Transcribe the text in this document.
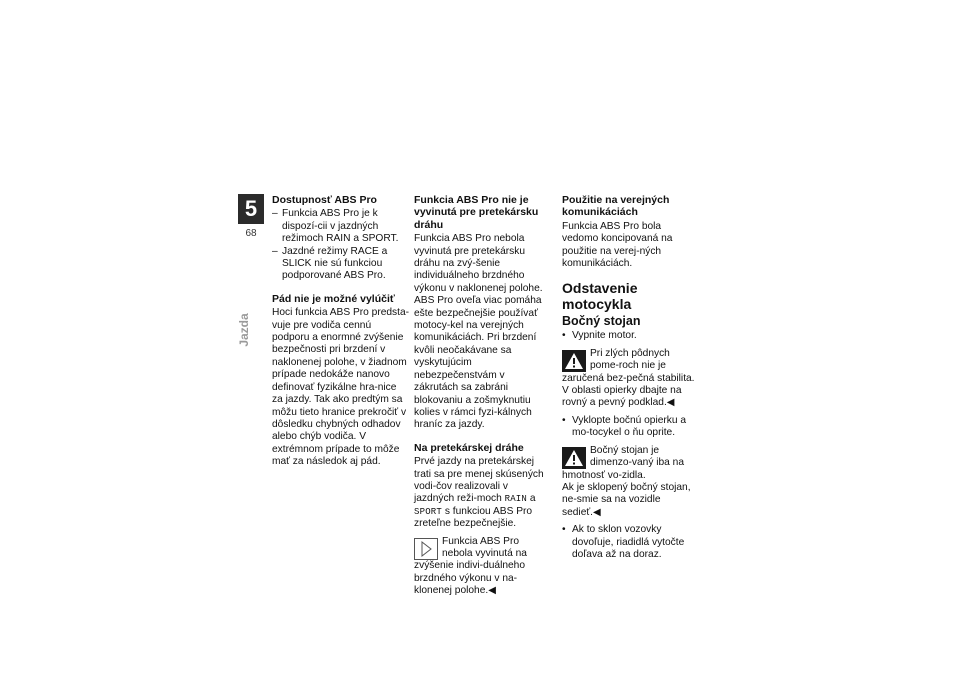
5
68
Jazda
Dostupnosť ABS Pro
– Funkcia ABS Pro je k dispozí-cii v jazdných režimoch RAIN a SPORT.
– Jazdné režimy RACE a SLICK nie sú funkciou podporované ABS Pro.
Pád nie je možné vylúčiť

Hoci funkcia ABS Pro predsta-vuje pre vodiča cennú podporu a enormné zvýšenie bezpečnosti pri brzdení v naklonenej polohe, v žiadnom prípade nedokáže nanovo definovať fyzikálne hra-nice za jazdy. Tak ako predtým sa môžu tieto hranice prekročiť v dôsledku chybných odhadov alebo chýb vodiča. V extrémnom prípade to môže mať za následok aj pád.

Funkcia ABS Pro nie je vyvinutá pre pretekársku dráhu

Funkcia ABS Pro nebola vyvinutá pre pretekársku dráhu na zvý-šenie individuálneho brzdného výkonu v naklonenej polohe. ABS Pro oveľa viac pomáha ešte bezpečnejšie používať motocy-kel na verejných komunikáciách. Pri brzdení kvôli neočakávane sa vyskytujúcim nebezpečenstvám v zákrutách sa zabráni blokovaniu a zošmyknutiu kolies v rámci fyzi-kálnych hraníc za jazdy.

Na pretekárskej dráhe

Prvé jazdy na pretekárskej trati sa pre menej skúsených vodi-čov realizovali v jazdných reži-moch RAIN a SPORT s funkciou ABS Pro zreteľne bezpečnejšie.

Funkcia ABS Pro nebola vyvinutá na zvýšenie indivi-duálneho brzdného výkonu v na-klonenej polohe.◀

Použitie na verejných komunikáciách

Funkcia ABS Pro bola vedomo koncipovaná na použitie na verej-ných komunikáciách.

Odstavenie motocykla
Bočný stojan
• Vypnite motor.

Pri zlých pôdnych pome-roch nie je zaručená bez-pečná stabilita.

V oblasti opierky dbajte na rovný a pevný podklad.◀

• Vyklopte bočnú opierku a mo-tocykel o ňu oprite.

Bočný stojan je dimenzo-vaný iba na hmotnosť vo-zidla.

Ak je sklopený bočný stojan, ne-smie sa na vozidle sedieť.◀

• Ak to sklon vozovky dovoľuje, riadidlá vytočte doľava až na doraz.
